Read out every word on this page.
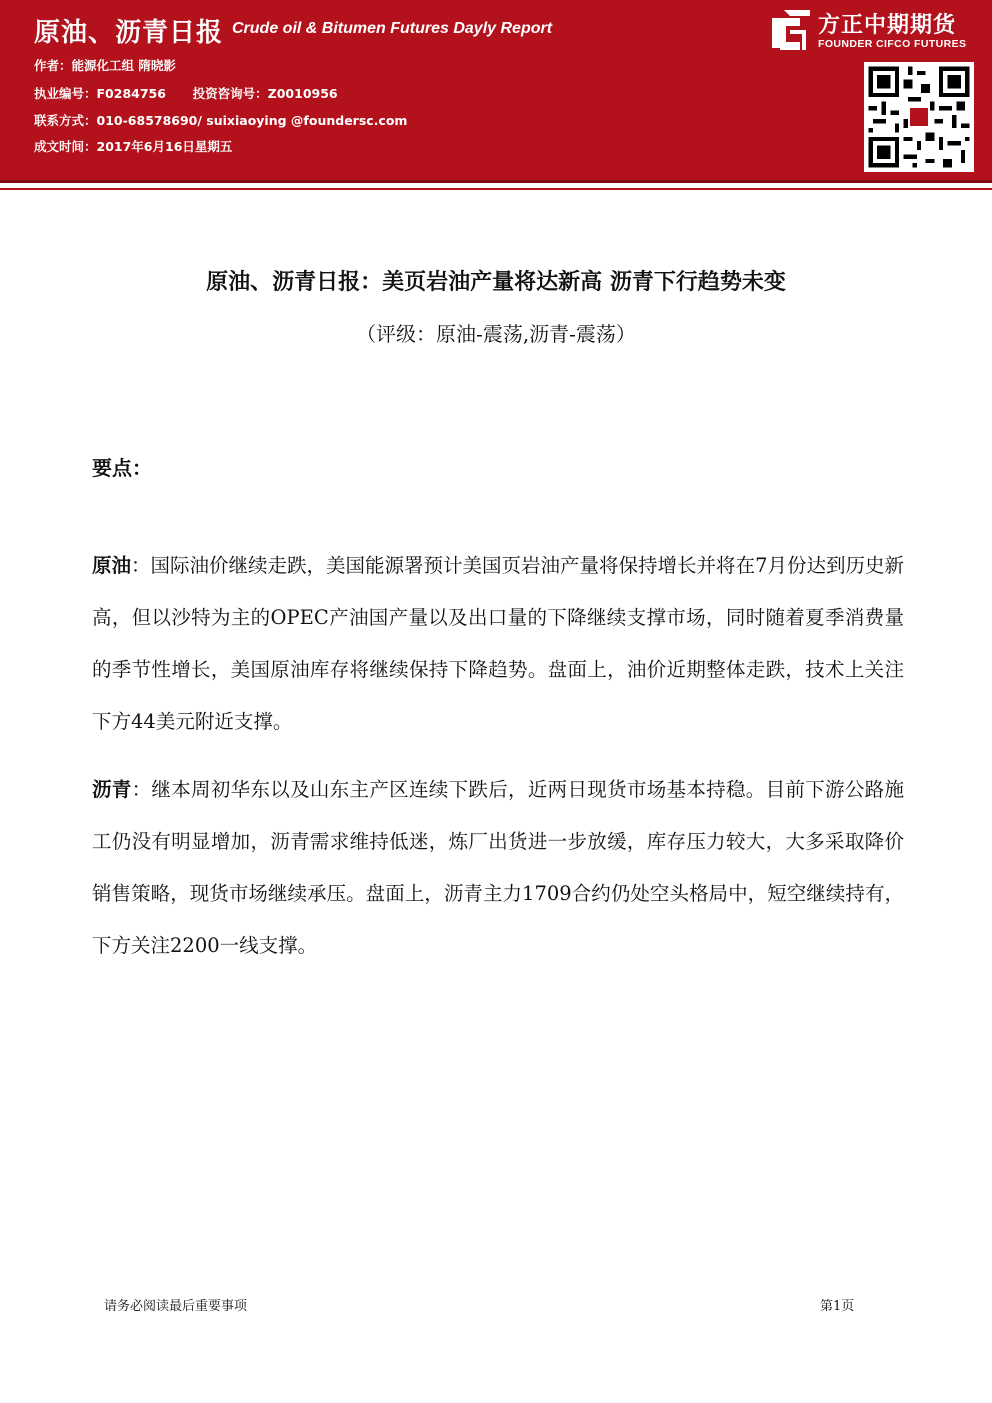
原油、沥青日报 Crude oil & Bitumen Futures Dayly Report
作者：能源化工组 隋晓影
执业编号：F0284756 投资咨询号：Z0010956
联系方式：010-68578690/ suixiaoying @foundersc.com
成文时间：2017年6月16日星期五
方正中期期货
FOUNDER CIFCO FUTURES
原油、沥青日报：美页岩油产量将达新高 沥青下行趋势未变
（评级：原油-震荡,沥青-震荡）
要点：
原油：国际油价继续走跌，美国能源署预计美国页岩油产量将保持增长并将在7月份达到历史新高，但以沙特为主的OPEC产油国产量以及出口量的下降继续支撑市场，同时随着夏季消费量的季节性增长，美国原油库存将继续保持下降趋势。盘面上，油价近期整体走跌，技术上关注下方44美元附近支撑。
沥青：继本周初华东以及山东主产区连续下跌后，近两日现货市场基本持稳。目前下游公路施工仍没有明显增加，沥青需求维持低迷，炼厂出货进一步放缓，库存压力较大，大多采取降价销售策略，现货市场继续承压。盘面上，沥青主力1709合约仍处空头格局中，短空继续持有，下方关注2200一线支撑。
请务必阅读最后重要事项	第1页
